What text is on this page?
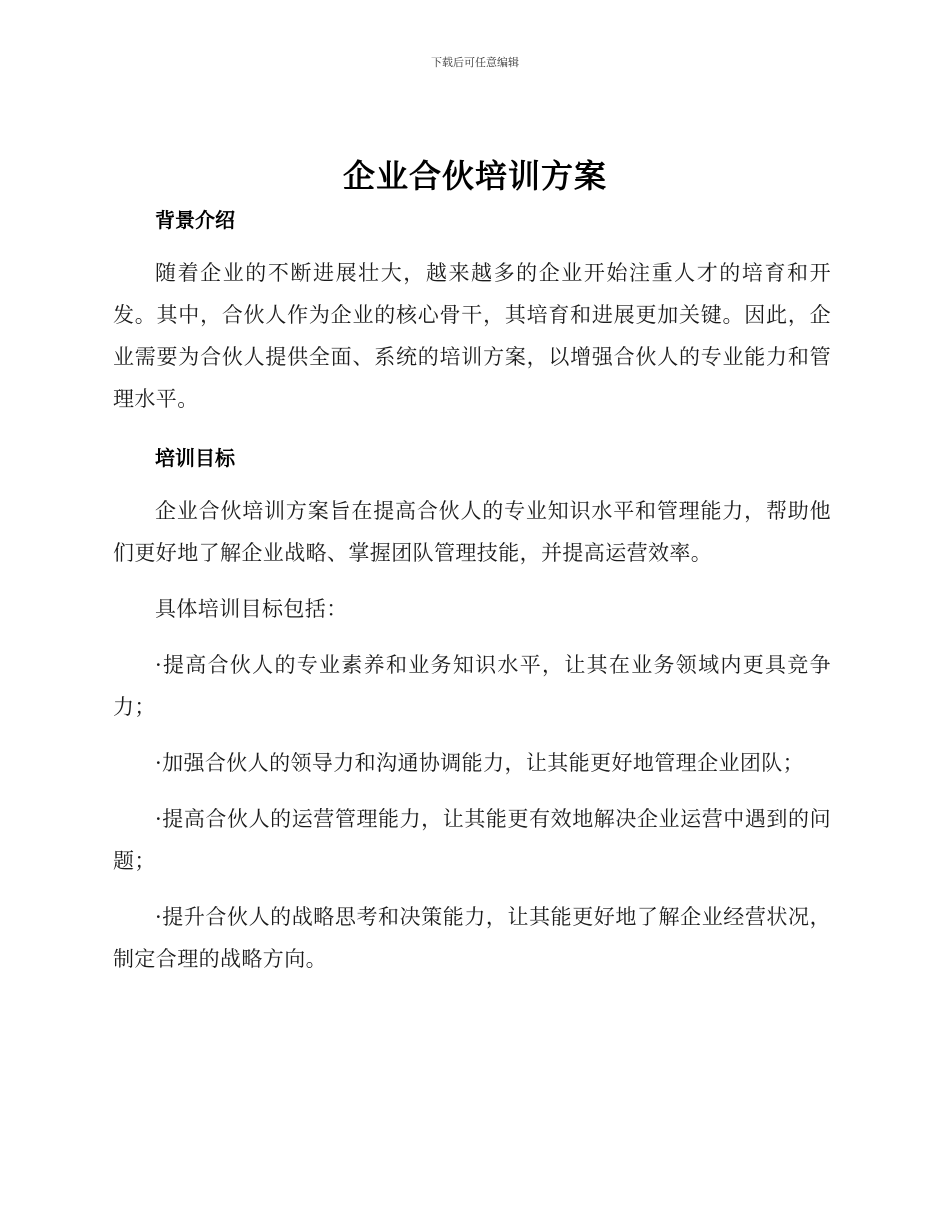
下载后可任意编辑
企业合伙培训方案

背景介绍

随着企业的不断进展壮大，越来越多的企业开始注重人才的培育和开发。其中，合伙人作为企业的核心骨干，其培育和进展更加关键。因此，企业需要为合伙人提供全面、系统的培训方案，以增强合伙人的专业能力和管理水平。

培训目标

企业合伙培训方案旨在提高合伙人的专业知识水平和管理能力，帮助他们更好地了解企业战略、掌握团队管理技能，并提高运营效率。

具体培训目标包括：

·提高合伙人的专业素养和业务知识水平，让其在业务领域内更具竞争力；

·加强合伙人的领导力和沟通协调能力，让其能更好地管理企业团队；

·提高合伙人的运营管理能力，让其能更有效地解决企业运营中遇到的问题；

·提升合伙人的战略思考和决策能力，让其能更好地了解企业经营状况，制定合理的战略方向。
